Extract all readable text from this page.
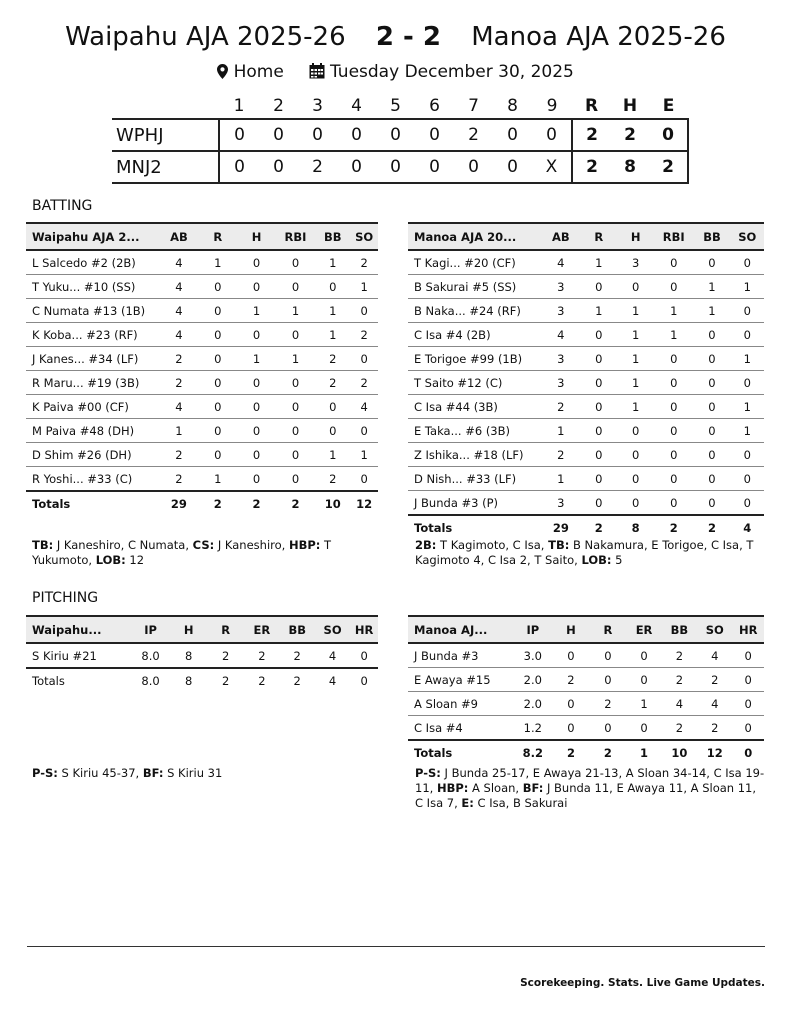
Waipahu AJA 2025-26 2 - 2 Manoa AJA 2025-26
Home	Tuesday December 30, 2025
	1	2	3	4	5	6	7	8	9	R	H	E
WPHJ	0	0	0	0	0	0	2	0	0	2	2	0
MNJ2	0	0	2	0	0	0	0	0	X	2	8	2
BATTING
Waipahu AJA 2...	AB	R	H	RBI	BB	SO
L Salcedo #2 (2B)	4	1	0	0	1	2
T Yuku... #10 (SS)	4	0	0	0	0	1
C Numata #13 (1B)	4	0	1	1	1	0
K Koba... #23 (RF)	4	0	0	0	1	2
J Kanes... #34 (LF)	2	0	1	1	2	0
R Maru... #19 (3B)	2	0	0	0	2	2
K Paiva #00 (CF)	4	0	0	0	0	4
M Paiva #48 (DH)	1	0	0	0	0	0
D Shim #26 (DH)	2	0	0	0	1	1
R Yoshi... #33 (C)	2	1	0	0	2	0
Totals	29	2	2	2	10	12
Manoa AJA 20...	AB	R	H	RBI	BB	SO
T Kagi... #20 (CF)	4	1	3	0	0	0
B Sakurai #5 (SS)	3	0	0	0	1	1
B Naka... #24 (RF)	3	1	1	1	1	0
C Isa #4 (2B)	4	0	1	1	0	0
E Torigoe #99 (1B)	3	0	1	0	0	1
T Saito #12 (C)	3	0	1	0	0	0
C Isa #44 (3B)	2	0	1	0	0	1
E Taka... #6 (3B)	1	0	0	0	0	1
Z Ishika... #18 (LF)	2	0	0	0	0	0
D Nish... #33 (LF)	1	0	0	0	0	0
J Bunda #3 (P)	3	0	0	0	0	0
Totals	29	2	8	2	2	4
TB: J Kaneshiro, C Numata, CS: J Kaneshiro, HBP: T Yukumoto, LOB: 12
2B: T Kagimoto, C Isa, TB: B Nakamura, E Torigoe, C Isa, T Kagimoto 4, C Isa 2, T Saito, LOB: 5
PITCHING
Waipahu...	IP	H	R	ER	BB	SO	HR
S Kiriu #21	8.0	8	2	2	2	4	0
Totals	8.0	8	2	2	2	4	0
Manoa AJ...	IP	H	R	ER	BB	SO	HR
J Bunda #3	3.0	0	0	0	2	4	0
E Awaya #15	2.0	2	0	0	2	2	0
A Sloan #9	2.0	0	2	1	4	4	0
C Isa #4	1.2	0	0	0	2	2	0
Totals	8.2	2	2	1	10	12	0
P-S: S Kiriu 45-37, BF: S Kiriu 31	P-S: J Bunda 25-17, E Awaya 21-13, A Sloan 34-14, C Isa 19-11, HBP: A Sloan, BF: J Bunda 11, E Awaya 11, A Sloan 11, C Isa 7, E: C Isa, B Sakurai
Scorekeeping. Stats. Live Game Updates.
